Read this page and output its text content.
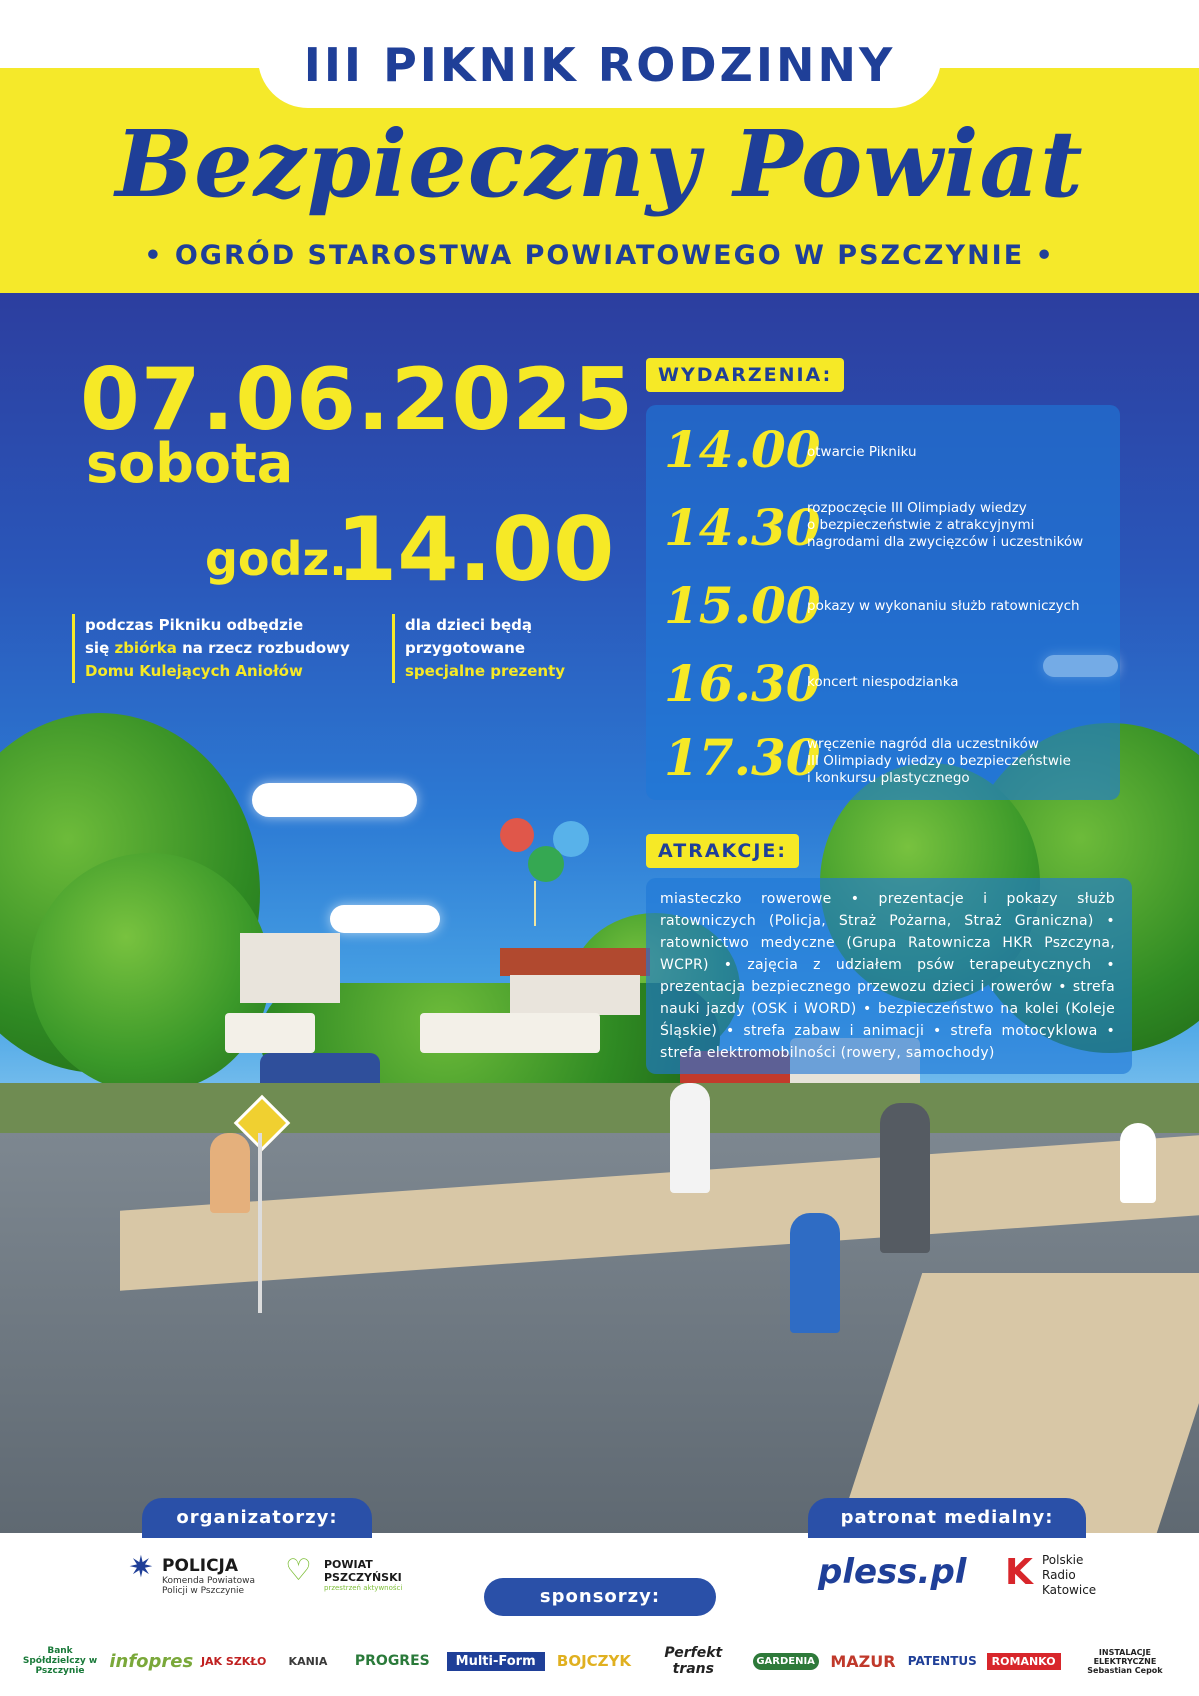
III PIKNIK RODZINNY
Bezpieczny Powiat
• OGRÓD STAROSTWA POWIATOWEGO W PSZCZYNIE •
07.06.2025
sobota
godz.
14.00
podczas Pikniku odbędzie
się zbiórka na rzecz rozbudowy
Domu Kulejących Aniołów
dla dzieci będą
przygotowane
specjalne prezenty
WYDARZENIA:
14.00
otwarcie Pikniku
14.30
rozpoczęcie III Olimpiady wiedzy
o bezpieczeństwie z atrakcyjnymi
nagrodami dla zwycięzców i uczestników
15.00
pokazy w wykonaniu służb ratowniczych
16.30
koncert niespodzianka
17.30
wręczenie nagród dla uczestników
III Olimpiady wiedzy o bezpieczeństwie
i konkursu plastycznego
ATRAKCJE:
miasteczko rowerowe • prezentacje i pokazy służb ratowniczych (Policja, Straż Pożarna, Straż Graniczna) • ratownictwo medyczne (Grupa Ratownicza HKR Pszczyna, WCPR) • zajęcia z udziałem psów terapeutycznych • prezentacja bezpiecznego przewozu dzieci i rowerów • strefa nauki jazdy (OSK i WORD) • bezpieczeństwo na kolei (Koleje Śląskie) • strefa zabaw i animacji • strefa motocyklowa • strefa elektromobilności (rowery, samochody)
organizatorzy:	patronat medialny:
sponsorzy:
✷ POLICJA
Komenda Powiatowa
Policji w Pszczynie
♡	POWIAT
PSZCZYŃSKI
przestrzeń aktywności	pless.pl K Polskie
Radio
Katowice
Bank Spółdzielczy w Pszczynie	infopres JAK SZKŁO	KANIA	PROGRES	Multi-Form	BOJCZYK	Perfekt trans	GARDENIA MAZUR PATENTUS	ROMANKO
INSTALACJE ELEKTRYCZNE Sebastian Cepok
